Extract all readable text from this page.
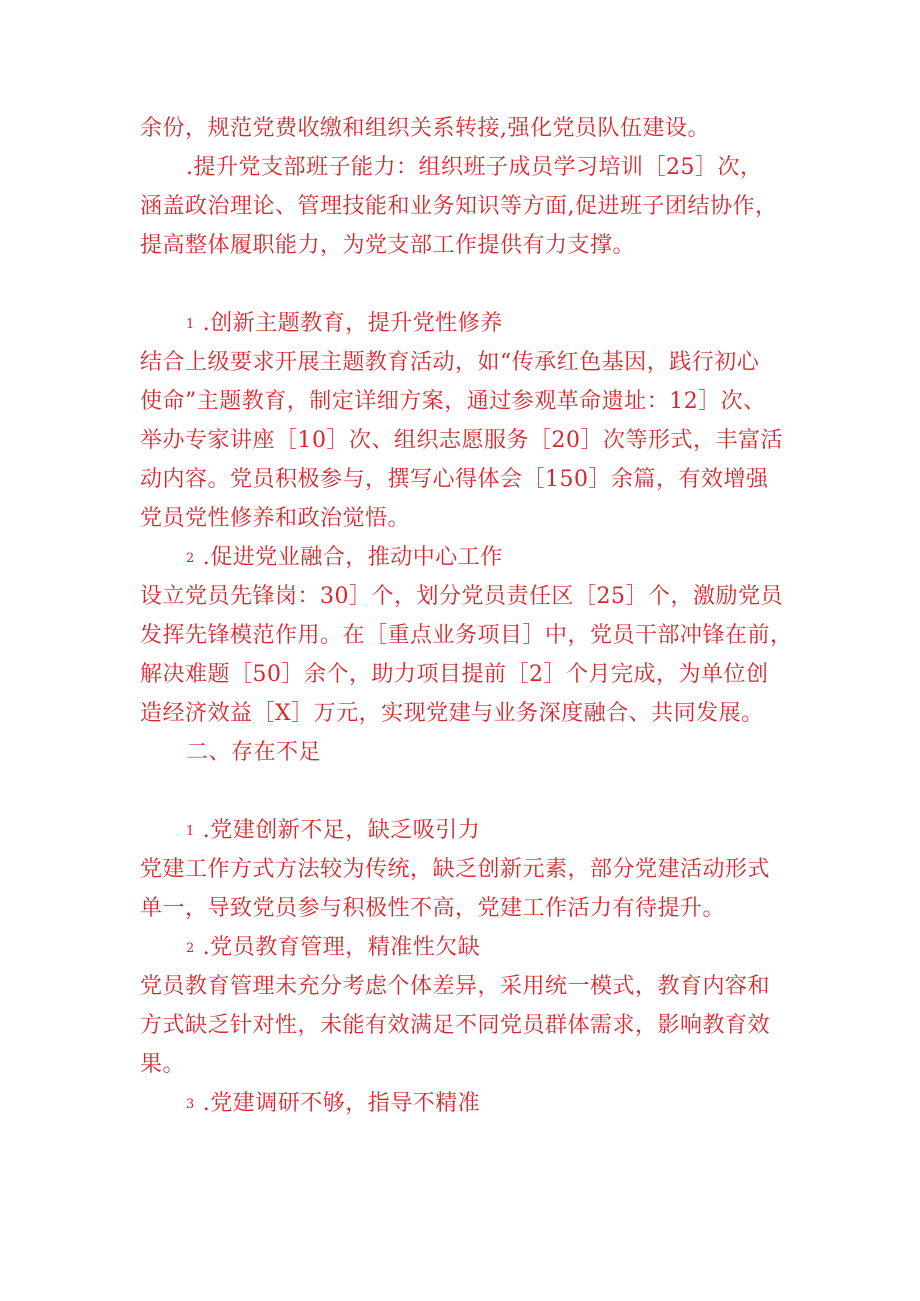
余份，规范党费收缴和组织关系转接,强化党员队伍建设。
.提升党支部班子能力：组织班子成员学习培训［25］次，
涵盖政治理论、管理技能和业务知识等方面,促进班子团结协作，
提高整体履职能力，为党支部工作提供有力支撑。
1 .创新主题教育，提升党性修养
结合上级要求开展主题教育活动，如“传承红色基因，践行初心
使命”主题教育，制定详细方案，通过参观革命遗址：12］次、
举办专家讲座［10］次、组织志愿服务［20］次等形式，丰富活
动内容。党员积极参与，撰写心得体会［150］余篇，有效增强
党员党性修养和政治觉悟。
2 .促进党业融合，推动中心工作
设立党员先锋岗：30］个，划分党员责任区［25］个，激励党员
发挥先锋模范作用。在［重点业务项目］中，党员干部冲锋在前，
解决难题［50］余个，助力项目提前［2］个月完成，为单位创
造经济效益［X］万元，实现党建与业务深度融合、共同发展。
二、存在不足
1 .党建创新不足，缺乏吸引力
党建工作方式方法较为传统，缺乏创新元素，部分党建活动形式
单一，导致党员参与积极性不高，党建工作活力有待提升。
2 .党员教育管理，精准性欠缺
党员教育管理未充分考虑个体差异，采用统一模式，教育内容和
方式缺乏针对性，未能有效满足不同党员群体需求，影响教育效
果。
3 .党建调研不够，指导不精准
